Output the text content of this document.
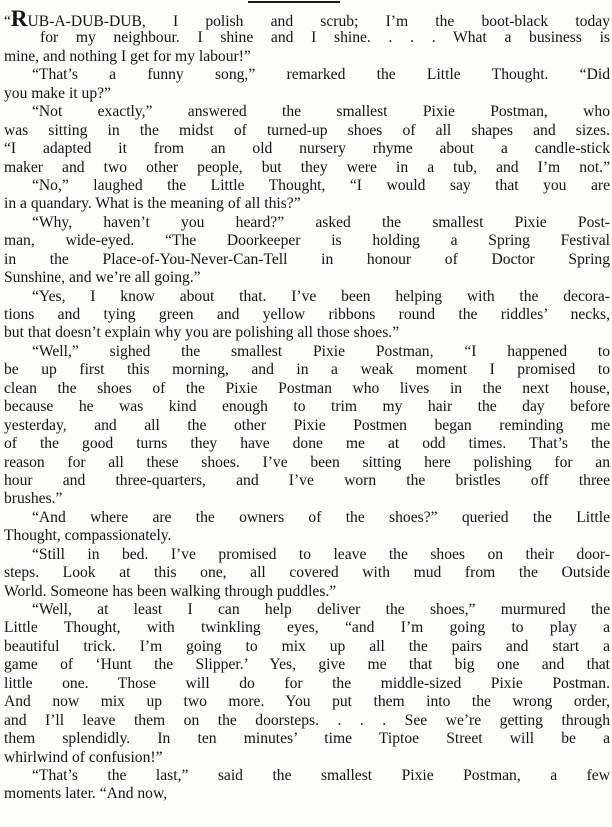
“RUB-A-DUB-DUB, I polish and scrub; I’m the boot-black today
for my neighbour. I shine and I shine. . . . What a business is
mine, and nothing I get for my labour!”
“That’s a funny song,” remarked the Little Thought. “Did
you make it up?”
“Not exactly,” answered the smallest Pixie Postman, who
was sitting in the midst of turned-up shoes of all shapes and sizes.
“I adapted it from an old nursery rhyme about a candle-stick
maker and two other people, but they were in a tub, and I’m not.”
“No,” laughed the Little Thought, “I would say that you are
in a quandary. What is the meaning of all this?”
“Why, haven’t you heard?” asked the smallest Pixie Post-
man, wide-eyed. “The Doorkeeper is holding a Spring Festival
in the Place-of-You-Never-Can-Tell in honour of Doctor Spring
Sunshine, and we’re all going.”
“Yes, I know about that. I’ve been helping with the decora-
tions and tying green and yellow ribbons round the riddles’ necks,
but that doesn’t explain why you are polishing all those shoes.”
“Well,” sighed the smallest Pixie Postman, “I happened to
be up first this morning, and in a weak moment I promised to
clean the shoes of the Pixie Postman who lives in the next house,
because he was kind enough to trim my hair the day before
yesterday, and all the other Pixie Postmen began reminding me
of the good turns they have done me at odd times. That’s the
reason for all these shoes. I’ve been sitting here polishing for an
hour and three-quarters, and I’ve worn the bristles off three
brushes.”
“And where are the owners of the shoes?” queried the Little
Thought, compassionately.
“Still in bed. I’ve promised to leave the shoes on their door-
steps. Look at this one, all covered with mud from the Outside
World. Someone has been walking through puddles.”
“Well, at least I can help deliver the shoes,” murmured the
Little Thought, with twinkling eyes, “and I’m going to play a
beautiful trick. I’m going to mix up all the pairs and start a
game of ‘Hunt the Slipper.’ Yes, give me that big one and that
little one. Those will do for the middle-sized Pixie Postman.
And now mix up two more. You put them into the wrong order,
and I’ll leave them on the doorsteps. . . . See we’re getting through
them splendidly. In ten minutes’ time Tiptoe Street will be a
whirlwind of confusion!”
“That’s the last,” said the smallest Pixie Postman, a few
moments later. “And now,
